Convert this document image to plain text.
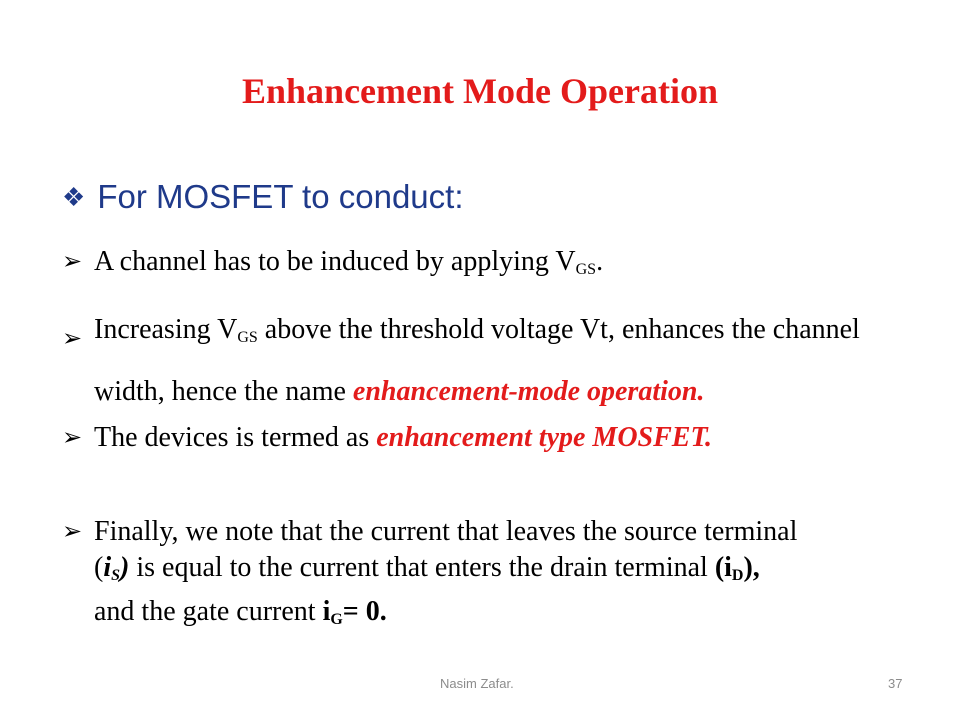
Enhancement Mode Operation
❖ For MOSFET to conduct:
➢ A channel has to be induced by applying $V_{GS}$.
➢ Increasing $V_{GS}$ above the threshold voltage Vt, enhances the channel width, hence the name enhancement-mode operation.
➢ The devices is termed as enhancement type MOSFET.
➢ Finally, we note that the current that leaves the source terminal
$(i_S)$ is equal to the current that enters the drain terminal $(i_D)$,
and the gate current $i_G= 0$.
Nasim Zafar.	37
